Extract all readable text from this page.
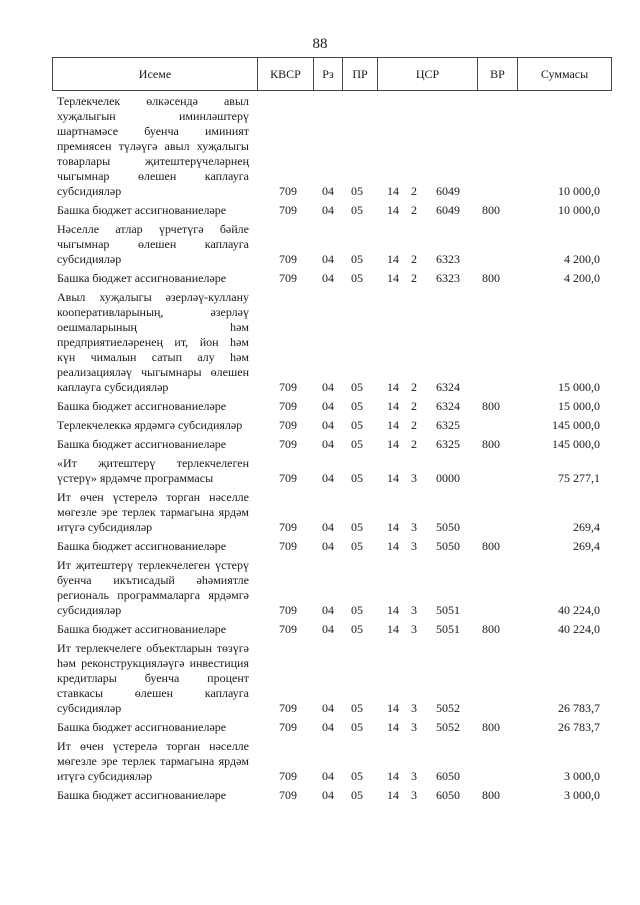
88
Исеме	КВСР	Рз	ПР	ЦСР	ВР	Суммасы
Терлекчелек өлкәсендә авыл
хуҗалыгын иминләштерү
шартнамәсе буенча иминият
премиясен түләүгә авыл хуҗалыгы
товарлары җитештерүчеләрнең
чыгымнар өлешен каплауга
субсидияләр	709 04 05 14 2 6049	10 000,0
Башка бюджет ассигнованиеләре	709 04 05 14 2 6049 800	10 000,0
Нәселле атлар үрчетүгә бәйле
чыгымнар өлешен каплауга
субсидияләр	709 04 05 14 2 6323	4 200,0
Башка бюджет ассигнованиеләре	709 04 05 14 2 6323 800	4 200,0
Авыл хуҗалыгы әзерләү-куллану
кооперативларының, әзерләү
оешмаларының һәм
предприятиеләренең ит, йон һәм
күн чималын сатып алу һәм
реализацияләү чыгымнары өлешен
каплауга субсидияләр	709 04 05 14 2 6324	15 000,0
Башка бюджет ассигнованиеләре	709 04 05 14 2 6324 800	15 000,0
Терлекчелеккә ярдәмгә субсидияләр	709 04 05 14 2 6325	145 000,0
Башка бюджет ассигнованиеләре	709 04 05 14 2 6325 800	145 000,0
«Ит җитештерү терлекчелеген
үстерү» ярдәмче программасы	709 04 05 14 3 0000	75 277,1
Ит өчен үстерелә торган нәселле
мөгезле эре терлек тармагына ярдәм
итүгә субсидияләр	709 04 05 14 3 5050	269,4
Башка бюджет ассигнованиеләре	709 04 05 14 3 5050 800	269,4
Ит җитештерү терлекчелеген үстерү
буенча икътисадый әһәмиятле
региональ программаларга ярдәмгә
субсидияләр	709 04 05 14 3 5051	40 224,0
Башка бюджет ассигнованиеләре	709 04 05 14 3 5051 800	40 224,0
Ит терлекчелеге объектларын төзүгә
һәм реконструкцияләүгә инвестиция
кредитлары буенча процент
ставкасы өлешен каплауга
субсидияләр	709 04 05 14 3 5052	26 783,7
Башка бюджет ассигнованиеләре	709 04 05 14 3 5052 800	26 783,7
Ит өчен үстерелә торган нәселле
мөгезле эре терлек тармагына ярдәм
итүгә субсидияләр	709 04 05 14 3 6050	3 000,0
Башка бюджет ассигнованиеләре	709 04 05 14 3 6050 800	3 000,0
